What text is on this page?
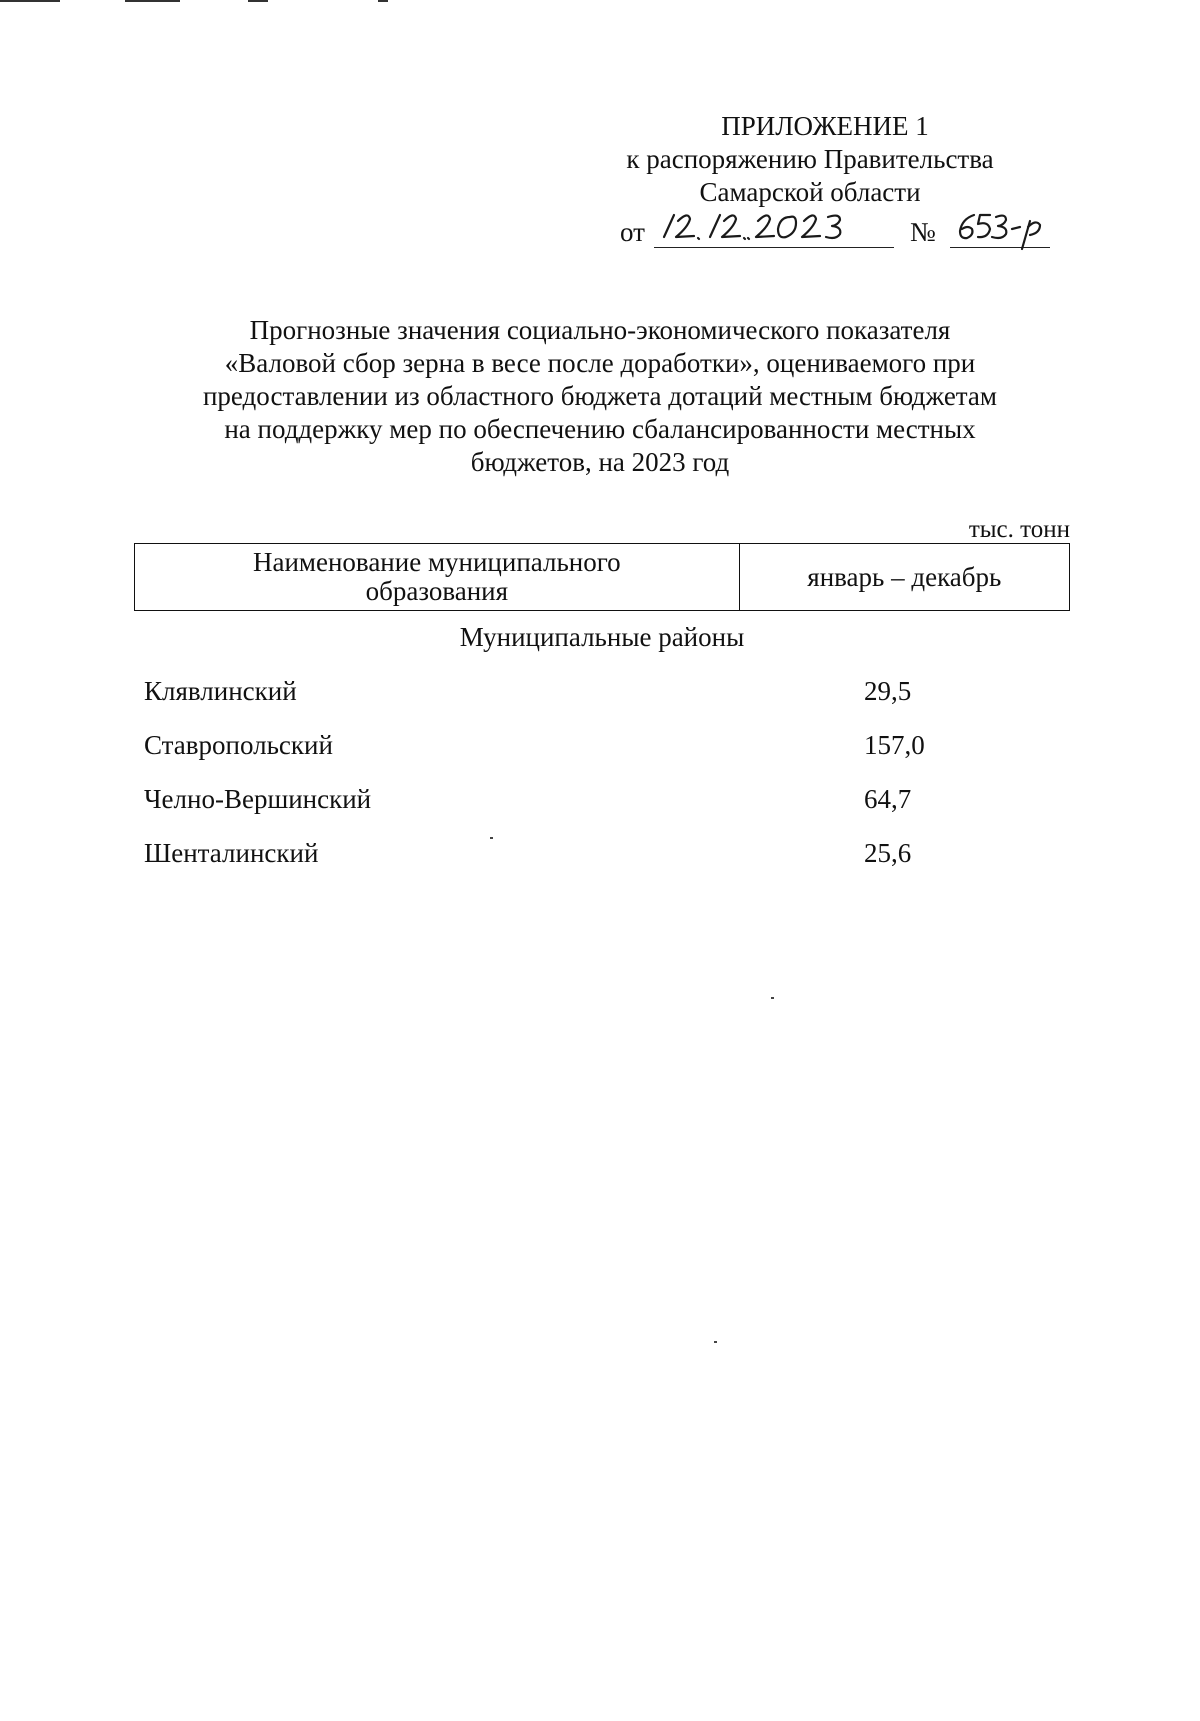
ПРИЛОЖЕНИЕ 1
к распоряжению Правительства
Самарской области
от	№
Прогнозные значения социально-экономического показателя
«Валовой сбор зерна в весе после доработки», оцениваемого при
предоставлении из областного бюджета дотаций местным бюджетам
на поддержку мер по обеспечению сбалансированности местных
бюджетов, на 2023 год
тыс. тонн
Наименование муниципального
образования	январь – декабрь
Муниципальные районы
Клявлинский	29,5
Ставропольский	157,0
Челно-Вершинский	64,7
Шенталинский	25,6
